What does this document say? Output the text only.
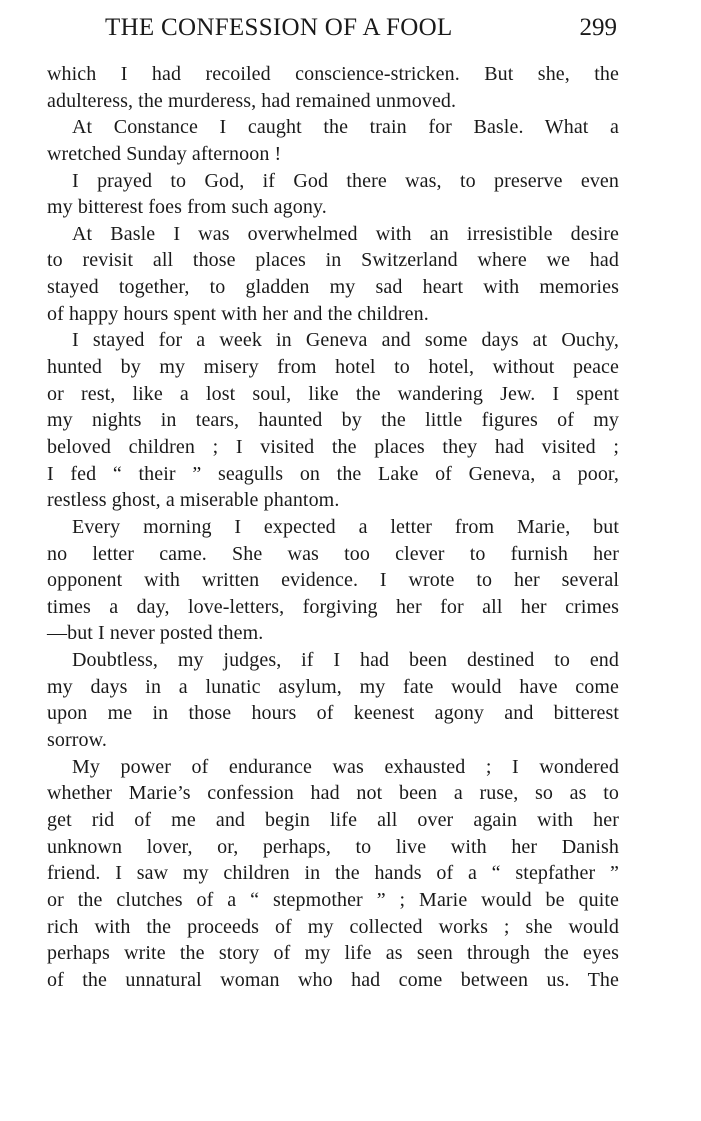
THE CONFESSION OF A FOOL	299
which I had recoiled conscience-stricken. But she, the
adulteress, the murderess, had remained unmoved.
At Constance I caught the train for Basle. What a
wretched Sunday afternoon !
I prayed to God, if God there was, to preserve even
my bitterest foes from such agony.
At Basle I was overwhelmed with an irresistible desire
to revisit all those places in Switzerland where we had
stayed together, to gladden my sad heart with memories
of happy hours spent with her and the children.
I stayed for a week in Geneva and some days at Ouchy,
hunted by my misery from hotel to hotel, without peace
or rest, like a lost soul, like the wandering Jew. I spent
my nights in tears, haunted by the little figures of my
beloved children ; I visited the places they had visited ;
I fed “ their ” seagulls on the Lake of Geneva, a poor,
restless ghost, a miserable phantom.
Every morning I expected a letter from Marie, but
no letter came. She was too clever to furnish her
opponent with written evidence. I wrote to her several
times a day, love-letters, forgiving her for all her crimes
—but I never posted them.
Doubtless, my judges, if I had been destined to end
my days in a lunatic asylum, my fate would have come
upon me in those hours of keenest agony and bitterest
sorrow.
My power of endurance was exhausted ; I wondered
whether Marie’s confession had not been a ruse, so as to
get rid of me and begin life all over again with her
unknown lover, or, perhaps, to live with her Danish
friend. I saw my children in the hands of a “ stepfather ”
or the clutches of a “ stepmother ” ; Marie would be quite
rich with the proceeds of my collected works ; she would
perhaps write the story of my life as seen through the eyes
of the unnatural woman who had come between us. The
